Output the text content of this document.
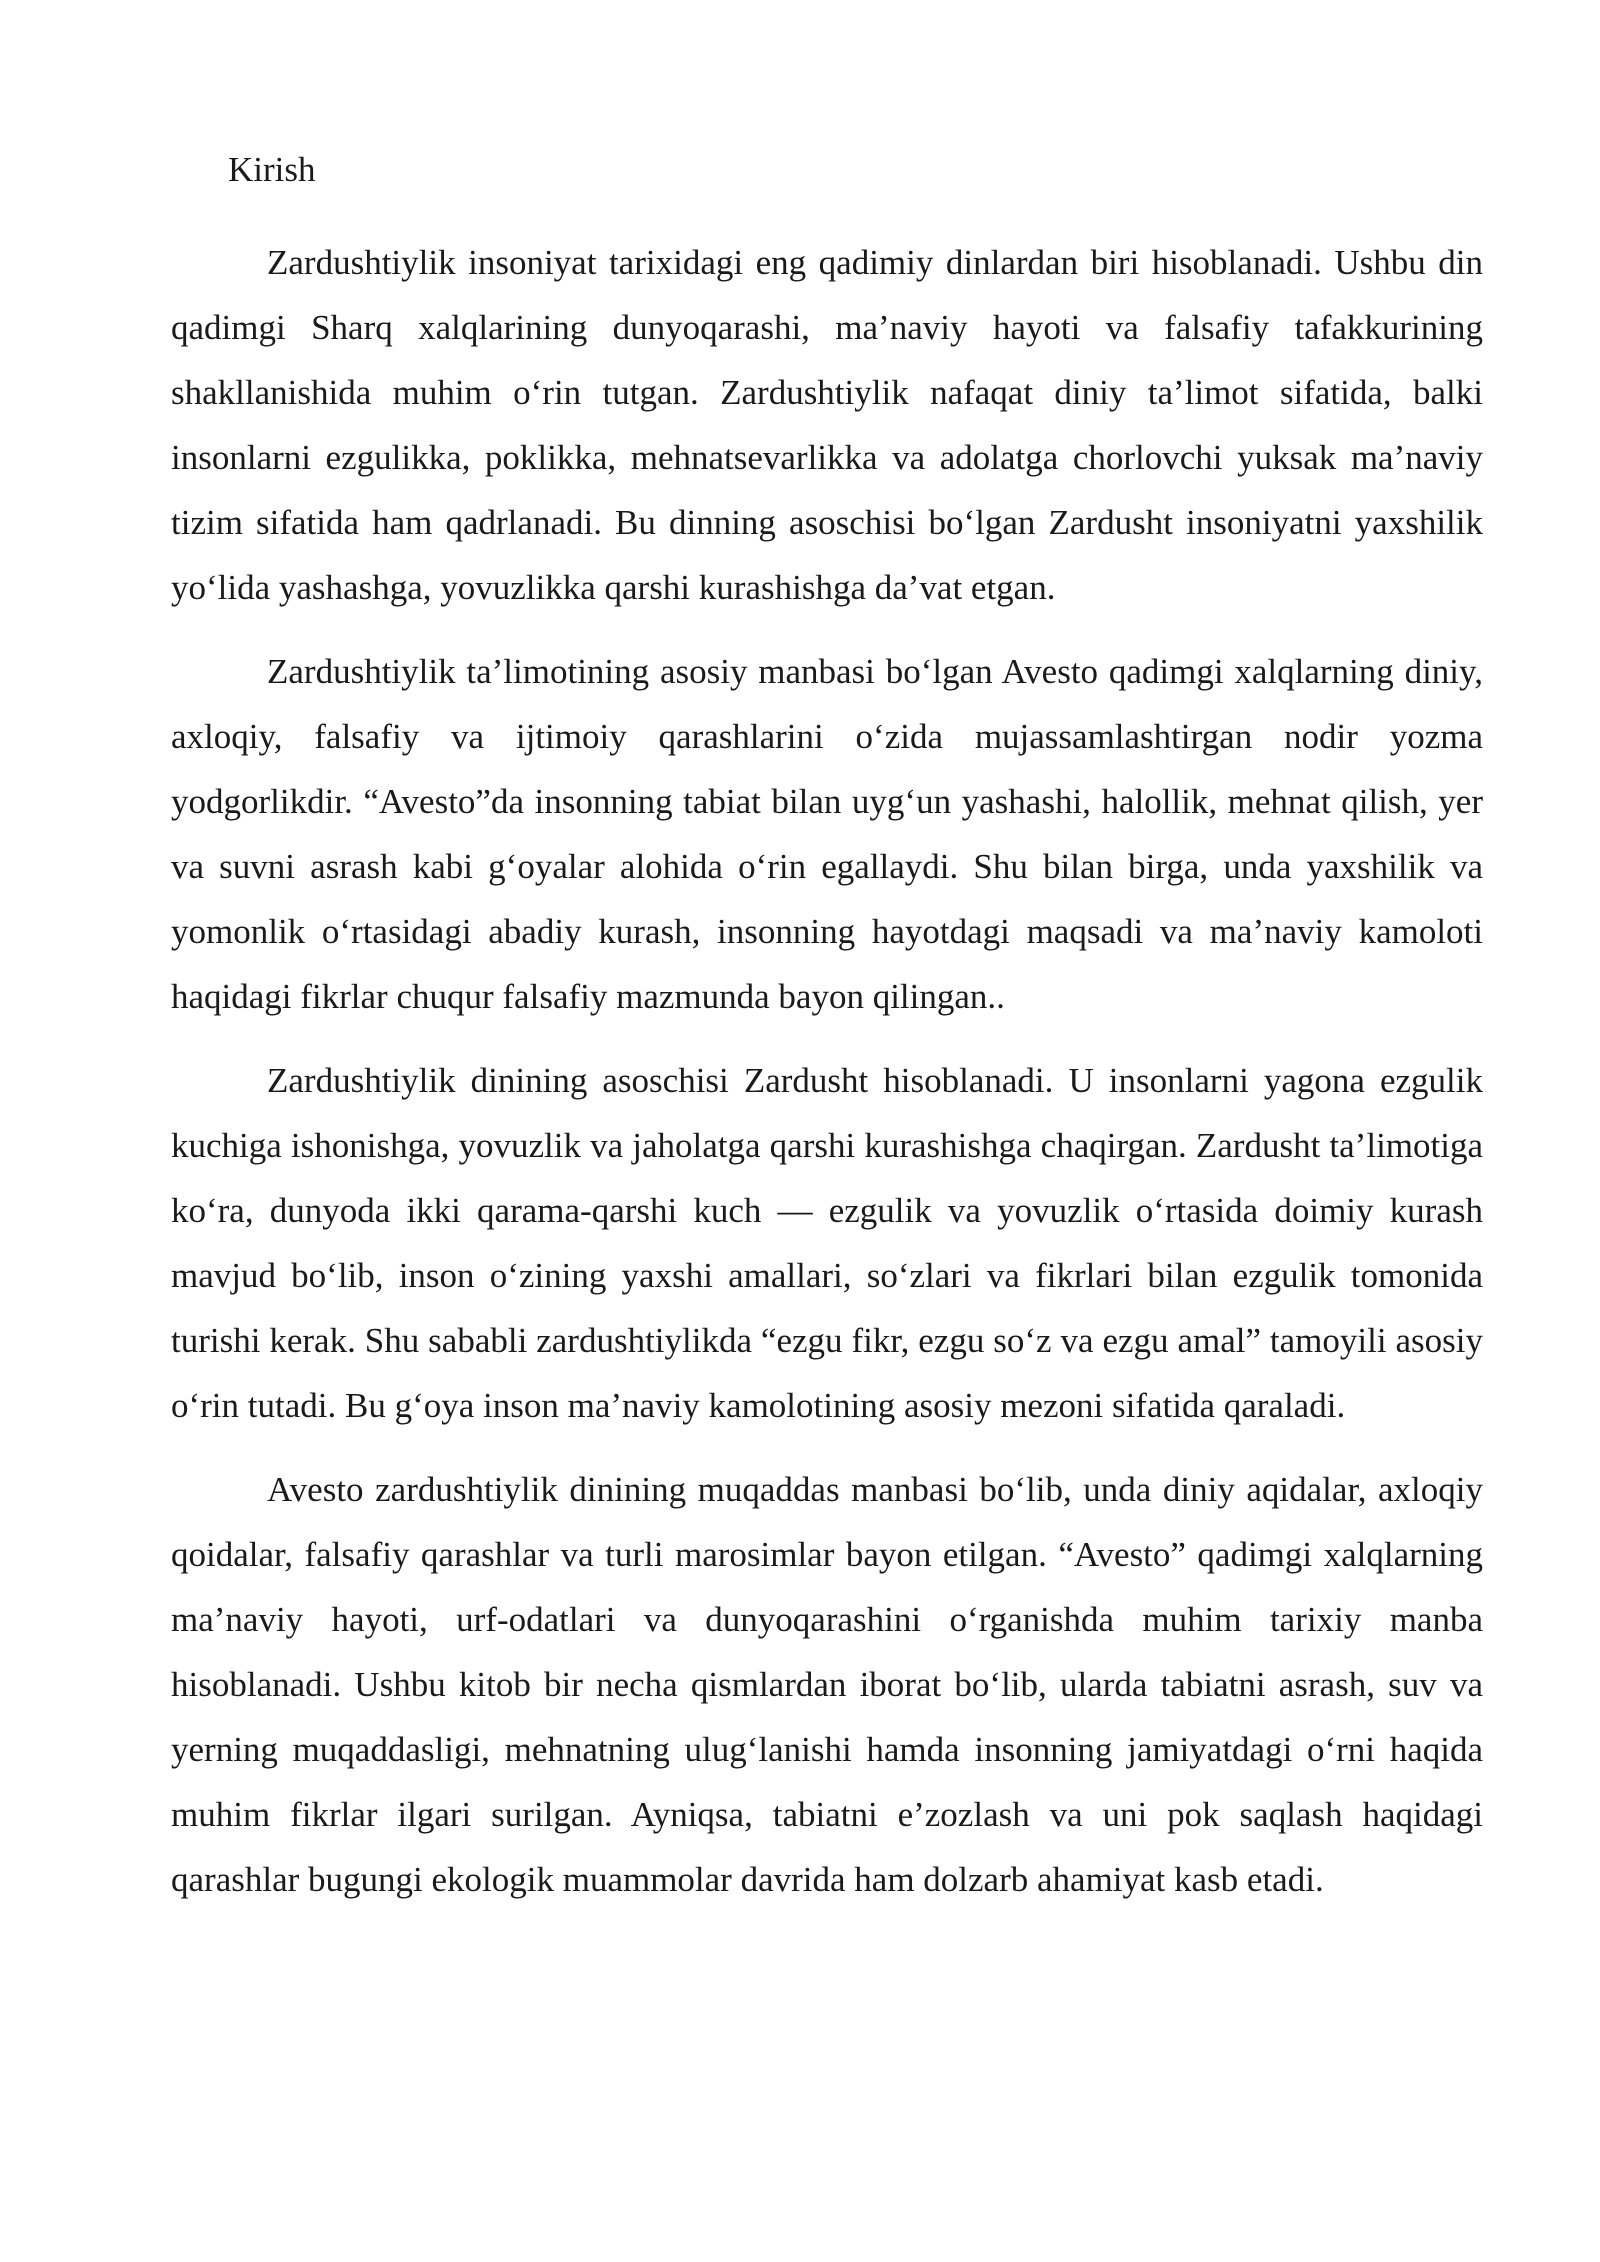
Kirish

Zardushtiylik insoniyat tarixidagi eng qadimiy dinlardan biri hisoblanadi. Ushbu din qadimgi Sharq xalqlarining dunyoqarashi, ma’naviy hayoti va falsafiy tafakkurining shakllanishida muhim o‘rin tutgan. Zardushtiylik nafaqat diniy ta’limot sifatida, balki insonlarni ezgulikka, poklikka, mehnatsevarlikka va adolatga chorlovchi yuksak ma’naviy tizim sifatida ham qadrlanadi. Bu dinning asoschisi bo‘lgan Zardusht insoniyatni yaxshilik yo‘lida yashashga, yovuzlikka qarshi kurashishga da’vat etgan.

Zardushtiylik ta’limotining asosiy manbasi bo‘lgan Avesto qadimgi xalqlarning diniy, axloqiy, falsafiy va ijtimoiy qarashlarini o‘zida mujassamlashtirgan nodir yozma yodgorlikdir. “Avesto”da insonning tabiat bilan uyg‘un yashashi, halollik, mehnat qilish, yer va suvni asrash kabi g‘oyalar alohida o‘rin egallaydi. Shu bilan birga, unda yaxshilik va yomonlik o‘rtasidagi abadiy kurash, insonning hayotdagi maqsadi va ma’naviy kamoloti haqidagi fikrlar chuqur falsafiy mazmunda bayon qilingan..

Zardushtiylik dinining asoschisi Zardusht hisoblanadi. U insonlarni yagona ezgulik kuchiga ishonishga, yovuzlik va jaholatga qarshi kurashishga chaqirgan. Zardusht ta’limotiga ko‘ra, dunyoda ikki qarama-qarshi kuch — ezgulik va yovuzlik o‘rtasida doimiy kurash mavjud bo‘lib, inson o‘zining yaxshi amallari, so‘zlari va fikrlari bilan ezgulik tomonida turishi kerak. Shu sababli zardushtiylikda “ezgu fikr, ezgu so‘z va ezgu amal” tamoyili asosiy o‘rin tutadi. Bu g‘oya inson ma’naviy kamolotining asosiy mezoni sifatida qaraladi.

Avesto zardushtiylik dinining muqaddas manbasi bo‘lib, unda diniy aqidalar, axloqiy qoidalar, falsafiy qarashlar va turli marosimlar bayon etilgan. “Avesto” qadimgi xalqlarning ma’naviy hayoti, urf-odatlari va dunyoqarashini o‘rganishda muhim tarixiy manba hisoblanadi. Ushbu kitob bir necha qismlardan iborat bo‘lib, ularda tabiatni asrash, suv va yerning muqaddasligi, mehnatning ulug‘lanishi hamda insonning jamiyatdagi o‘rni haqida muhim fikrlar ilgari surilgan. Ayniqsa, tabiatni e’zozlash va uni pok saqlash haqidagi qarashlar bugungi ekologik muammolar davrida ham dolzarb ahamiyat kasb etadi.
